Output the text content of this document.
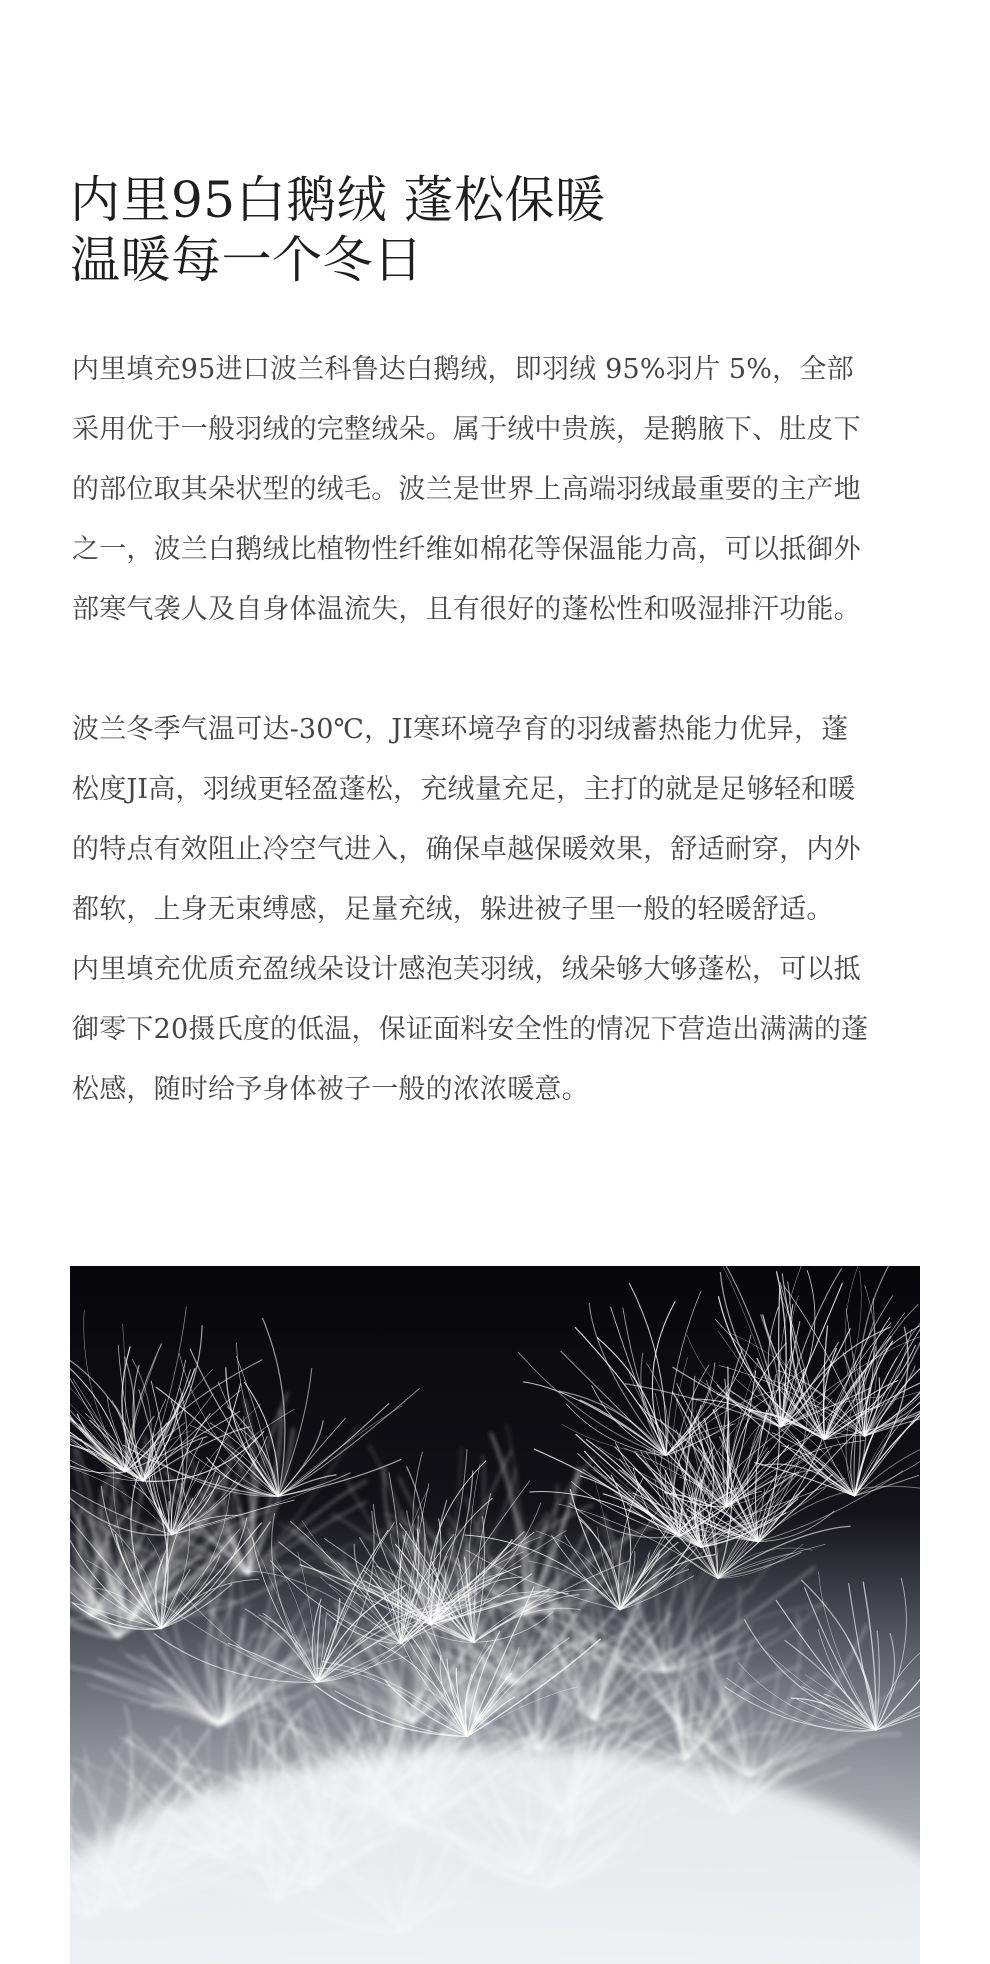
内里95白鹅绒 蓬松保暖
温暖每一个冬日
内里填充95进口波兰科鲁达白鹅绒，即羽绒 95%羽片 5%，全部
采用优于一般羽绒的完整绒朵。属于绒中贵族，是鹅腋下、肚皮下
的部位取其朵状型的绒毛。波兰是世界上高端羽绒最重要的主产地
之一，波兰白鹅绒比植物性纤维如棉花等保温能力高，可以抵御外
部寒气袭人及自身体温流失，且有很好的蓬松性和吸湿排汗功能。
波兰冬季气温可达-30℃，JI寒环境孕育的羽绒蓄热能力优异，蓬
松度JI高，羽绒更轻盈蓬松，充绒量充足，主打的就是足够轻和暖
的特点有效阻止冷空气进入，确保卓越保暖效果，舒适耐穿，内外
都软，上身无束缚感，足量充绒，躲进被子里一般的轻暖舒适。
内里填充优质充盈绒朵设计感泡芙羽绒，绒朵够大够蓬松，可以抵
御零下20摄氏度的低温，保证面料安全性的情况下营造出满满的蓬
松感，随时给予身体被子一般的浓浓暖意。
